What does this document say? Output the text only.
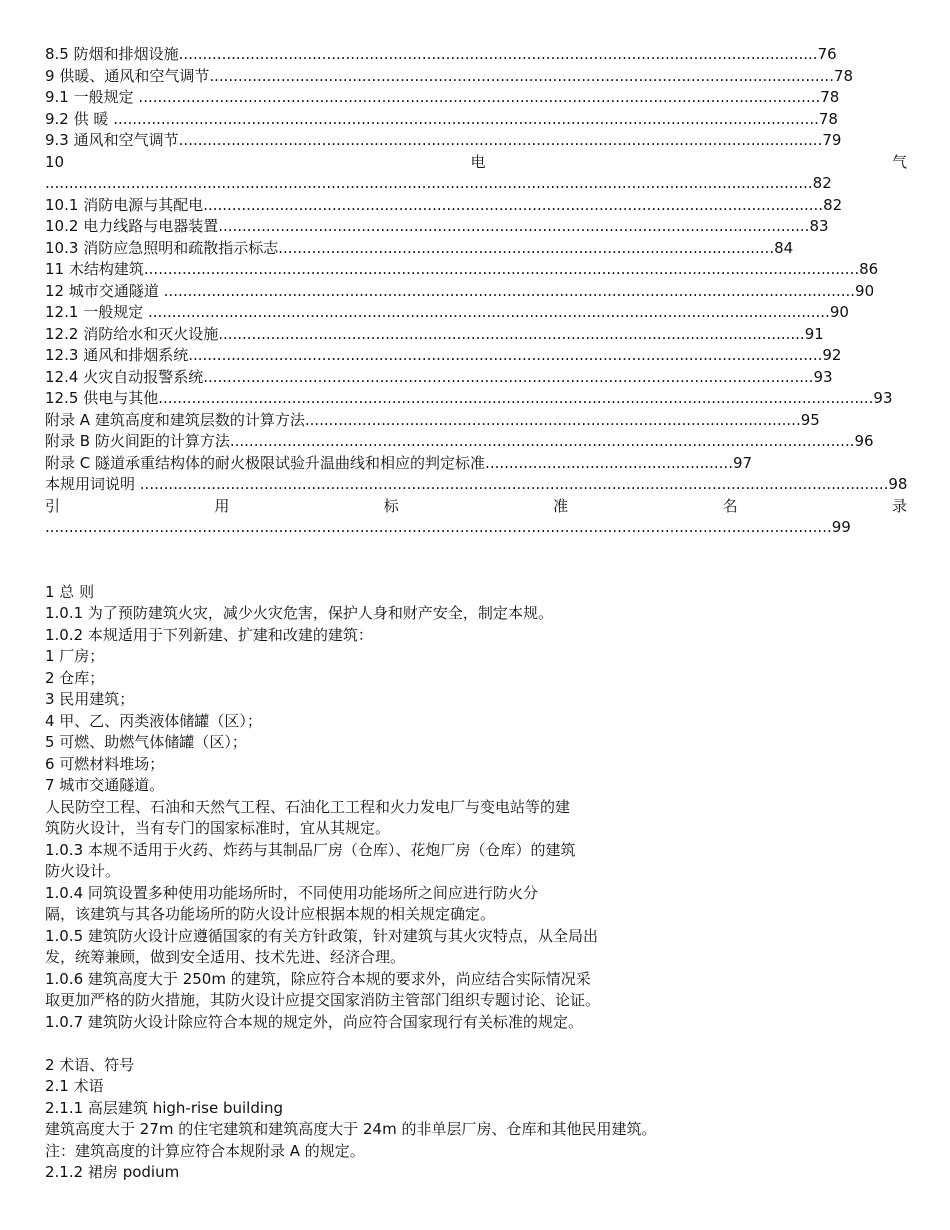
8.5 防烟和排烟设施......................................................................................................................................76
9 供暖、通风和空气调节...................................................................................................................................78
9.1 一般规定 ...............................................................................................................................................78
9.2 供 暖 ....................................................................................................................................................78
9.3 通风和空气调节.......................................................................................................................................79
10	电	气
.................................................................................................................................................................82
10.1 消防电源与其配电..................................................................................................................................82
10.2 电力线路与电器装置............................................................................................................................83
10.3 消防应急照明和疏散指示标志........................................................................................................84
11 木结构建筑......................................................................................................................................................86
12 城市交通隧道 .................................................................................................................................................90
12.1 一般规定 ...............................................................................................................................................90
12.2 消防给水和灭火设施...........................................................................................................................91
12.3 通风和排烟系统.....................................................................................................................................92
12.4 火灾自动报警系统................................................................................................................................93
12.5 供电与其他......................................................................................................................................................93
附录 A 建筑高度和建筑层数的计算方法........................................................................................................95
附录 B 防火间距的计算方法...................................................................................................................................96
附录 C 隧道承重结构体的耐火极限试验升温曲线和相应的判定标准....................................................97
本规用词说明 .............................................................................................................................................................98
引	用	标	准	名	录
.....................................................................................................................................................................99
1 总 则
1.0.1 为了预防建筑火灾，减少火灾危害，保护人身和财产安全，制定本规。
1.0.2 本规适用于下列新建、扩建和改建的建筑：
1 厂房；
2 仓库；
3 民用建筑；
4 甲、乙、丙类液体储罐（区）；
5 可燃、助燃气体储罐（区）；
6 可燃材料堆场；
7 城市交通隧道。
人民防空工程、石油和天然气工程、石油化工工程和火力发电厂与变电站等的建
筑防火设计，当有专门的国家标准时，宜从其规定。
1.0.3 本规不适用于火药、炸药与其制品厂房（仓库）、花炮厂房（仓库）的建筑
防火设计。
1.0.4 同筑设置多种使用功能场所时，不同使用功能场所之间应进行防火分
隔，该建筑与其各功能场所的防火设计应根据本规的相关规定确定。
1.0.5 建筑防火设计应遵循国家的有关方针政策，针对建筑与其火灾特点，从全局出
发，统筹兼顾，做到安全适用、技术先进、经济合理。
1.0.6 建筑高度大于 250m 的建筑，除应符合本规的要求外，尚应结合实际情况采
取更加严格的防火措施，其防火设计应提交国家消防主管部门组织专题讨论、论证。
1.0.7 建筑防火设计除应符合本规的规定外，尚应符合国家现行有关标准的规定。
2 术语、符号
2.1 术语
2.1.1 高层建筑 high-rise building
建筑高度大于 27m 的住宅建筑和建筑高度大于 24m 的非单层厂房、仓库和其他民用建筑。
注：建筑高度的计算应符合本规附录 A 的规定。
2.1.2 裙房 podium
